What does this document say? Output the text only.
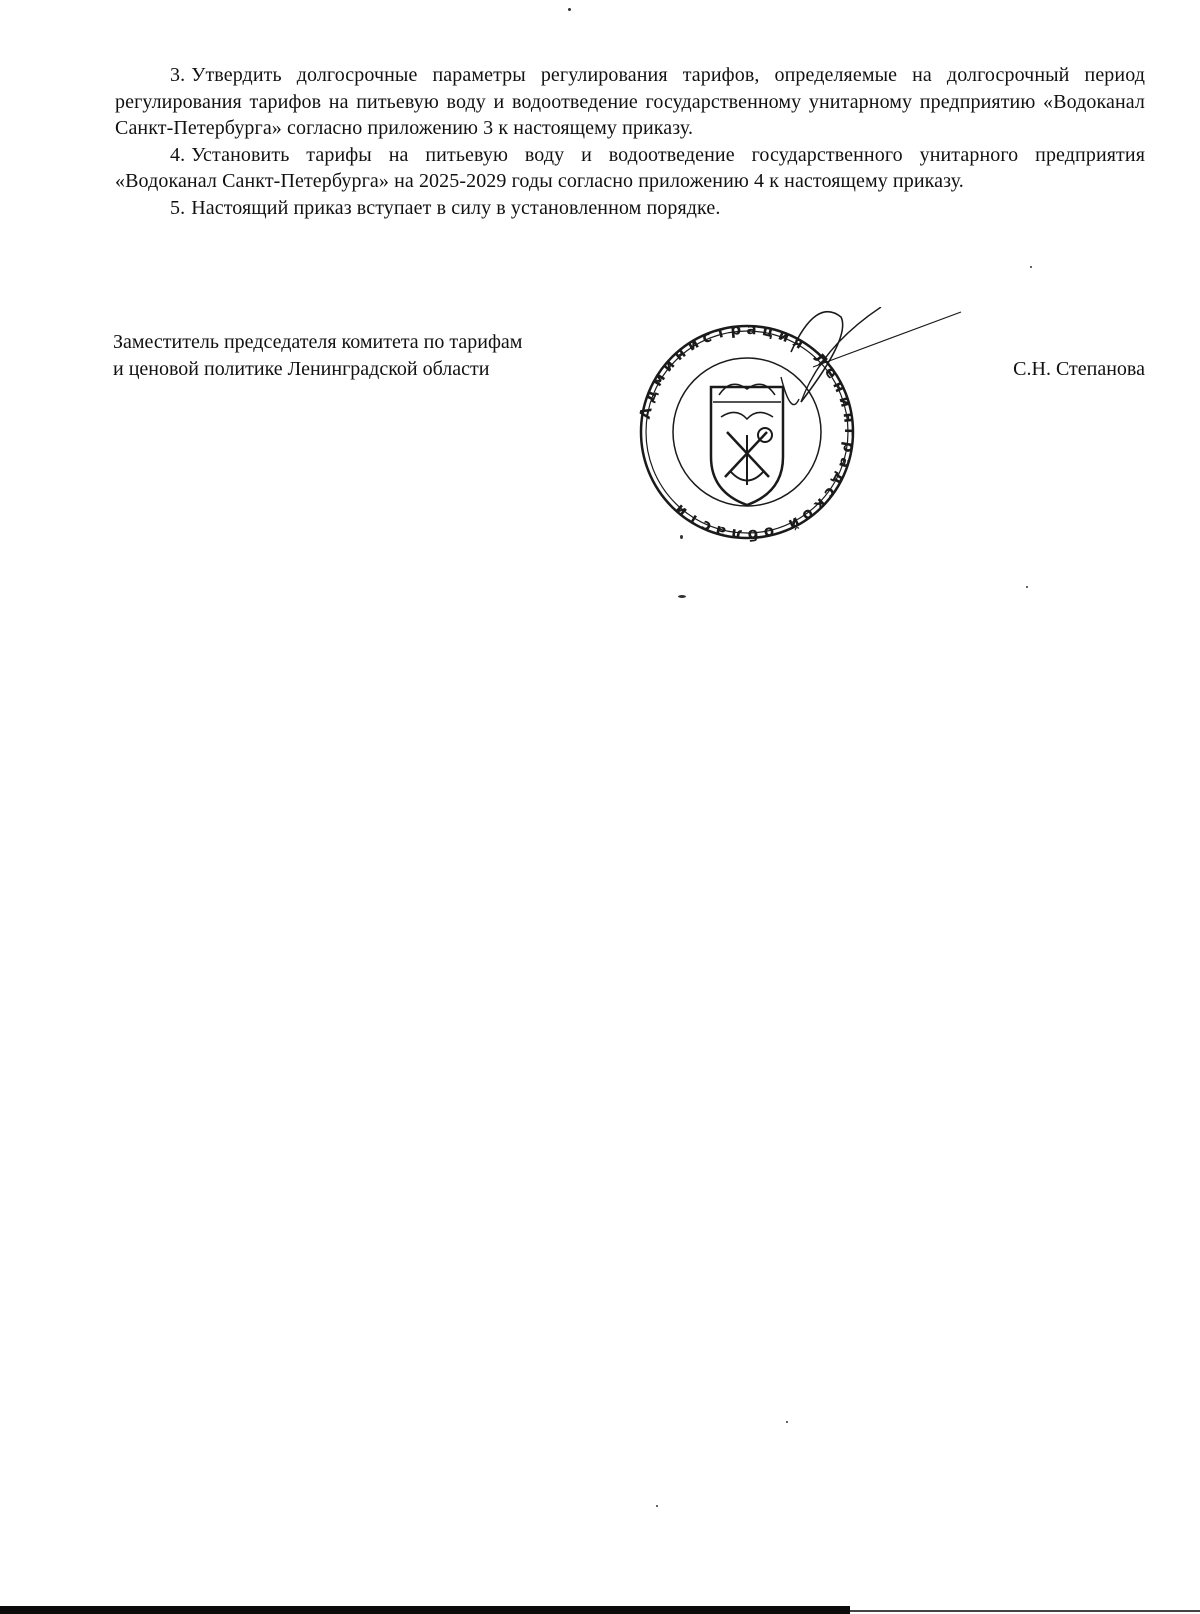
3. Утвердить долгосрочные параметры регулирования тарифов, определяемые на долгосрочный период регулирования тарифов на питьевую воду и водоотведение государственному унитарному предприятию «Водоканал Санкт-Петербурга» согласно приложению 3 к настоящему приказу.

4. Установить тарифы на питьевую воду и водоотведение государственного унитарного предприятия «Водоканал Санкт-Петербурга» на 2025-2029 годы согласно приложению 4 к настоящему приказу.

5. Настоящий приказ вступает в силу в установленном порядке.

Заместитель председателя комитета по тарифам
и ценовой политике Ленинградской области
Администрация Ленинградской области
С.Н. Степанова
